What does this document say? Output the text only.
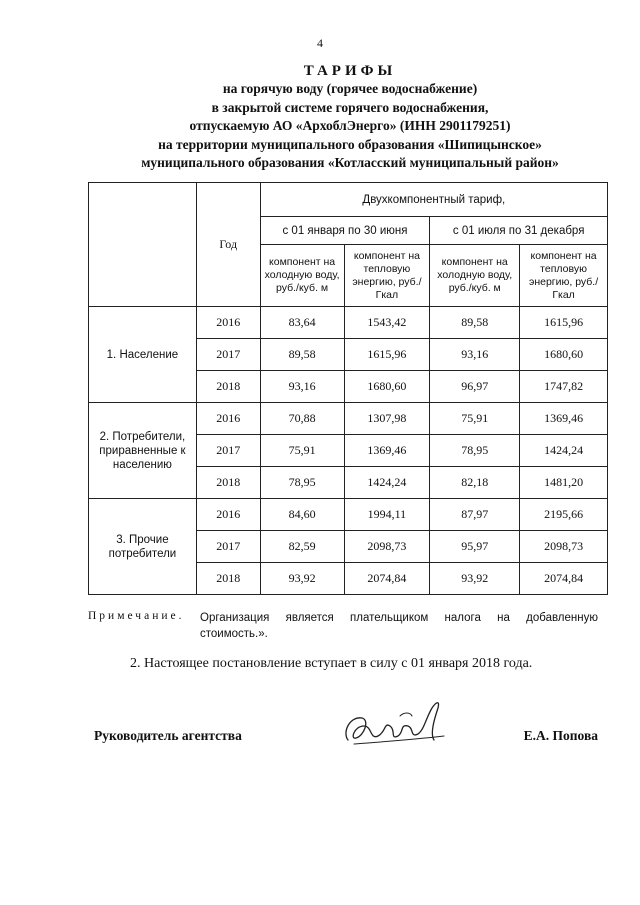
4
ТАРИФЫ
на горячую воду (горячее водоснабжение)
в закрытой системе горячего водоснабжения,
отпускаемую АО «АрхоблЭнерго» (ИНН 2901179251)
на территории муниципального образования «Шипицынское»
муниципального образования «Котласский муниципальный район»
	Год	Двухкомпонентный тариф,			
		с 01 января по 30 июня		с 01 июля по 31 декабря	
		компонент на холодную воду, руб./куб. м	компонент на тепловую энергию, руб./Гкал	компонент на холодную воду, руб./куб. м	компонент на тепловую энергию, руб./Гкал
1. Население	2016	83,64	1543,42	89,58	1615,96
	2017	89,58	1615,96	93,16	1680,60
	2018	93,16	1680,60	96,97	1747,82
2. Потребители, приравненные к населению	2016	70,88	1307,98	75,91	1369,46
	2017	75,91	1369,46	78,95	1424,24
	2018	78,95	1424,24	82,18	1481,20
3. Прочие потребители	2016	84,60	1994,11	87,97	2195,66
	2017	82,59	2098,73	95,97	2098,73
	2018	93,92	2074,84	93,92	2074,84
Примечание. Организация является плательщиком налога на добавленную стоимость.».
2. Настоящее постановление вступает в силу с 01 января 2018 года.
Руководитель агентства	Е.А. Попова
